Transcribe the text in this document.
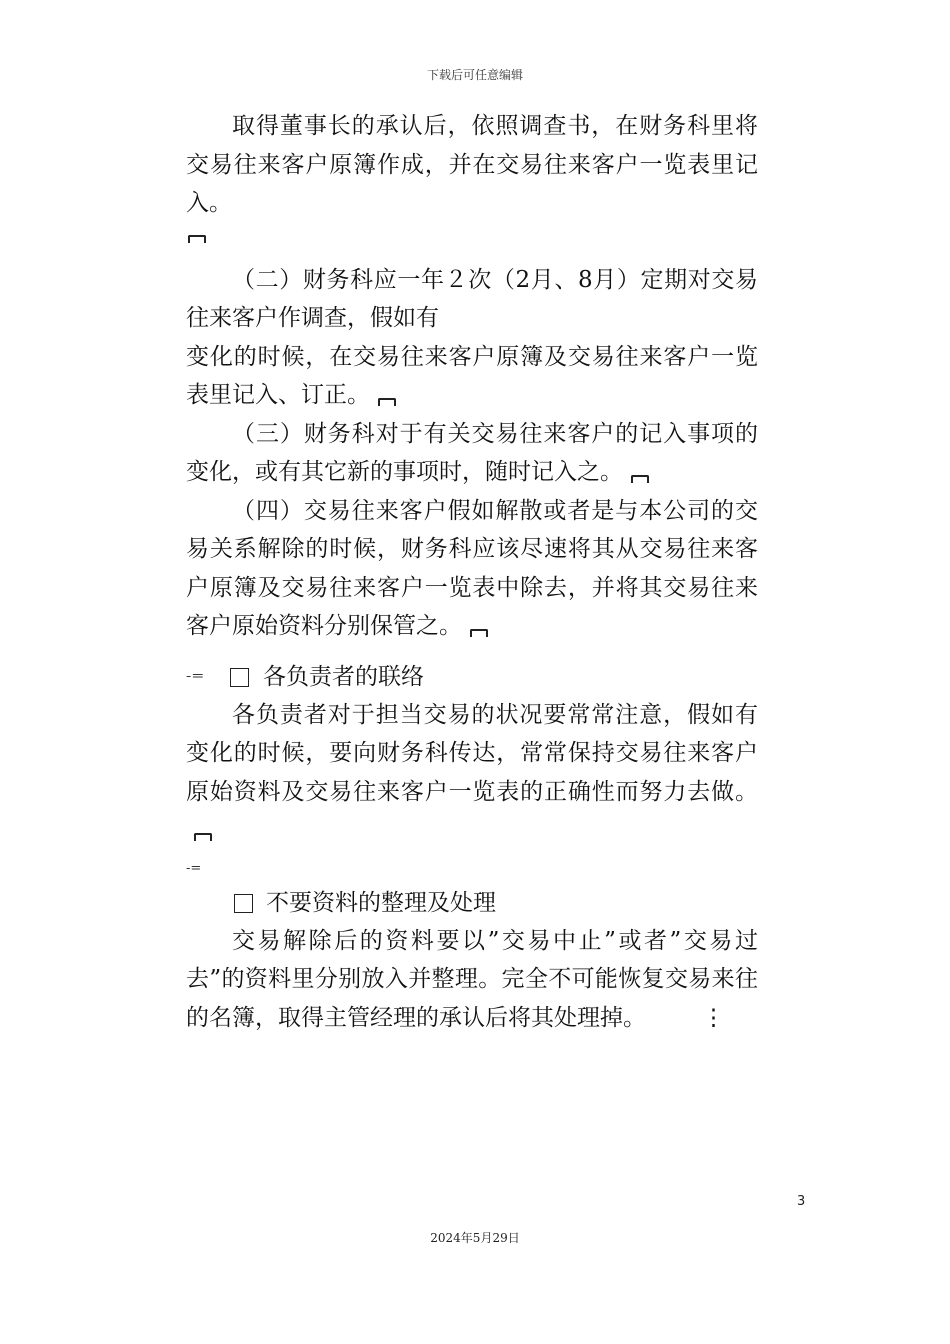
下载后可任意编辑

取得董事长的承认后，依照调查书，在财务科里将交易往来客户原簿作成，并在交易往来客户一览表里记入。

（二）财务科应一年２次（2月、8月）定期对交易往来客户作调查，假如有

变化的时候，在交易往来客户原簿及交易往来客户一览表里记入、订正。

（三）财务科对于有关交易往来客户的记入事项的变化，或有其它新的事项时，随时记入之。

（四）交易往来客户假如解散或者是与本公司的交易关系解除的时候，财务科应该尽速将其从交易往来客户原簿及交易往来客户一览表中除去，并将其交易往来客户原始资料分别保管之。

-=	各负责者的联络

各负责者对于担当交易的状况要常常注意，假如有变化的时候，要向财务科传达，常常保持交易往来客户原始资料及交易往来客户一览表的正确性而努力去做。

-=
不要资料的整理及处理

交易解除后的资料要以”交易中止”或者”交易过去”的资料里分别放入并整理。完全不可能恢复交易来往的名簿，取得主管经理的承认后将其处理掉。 ⋮

3
2024年5月29日
